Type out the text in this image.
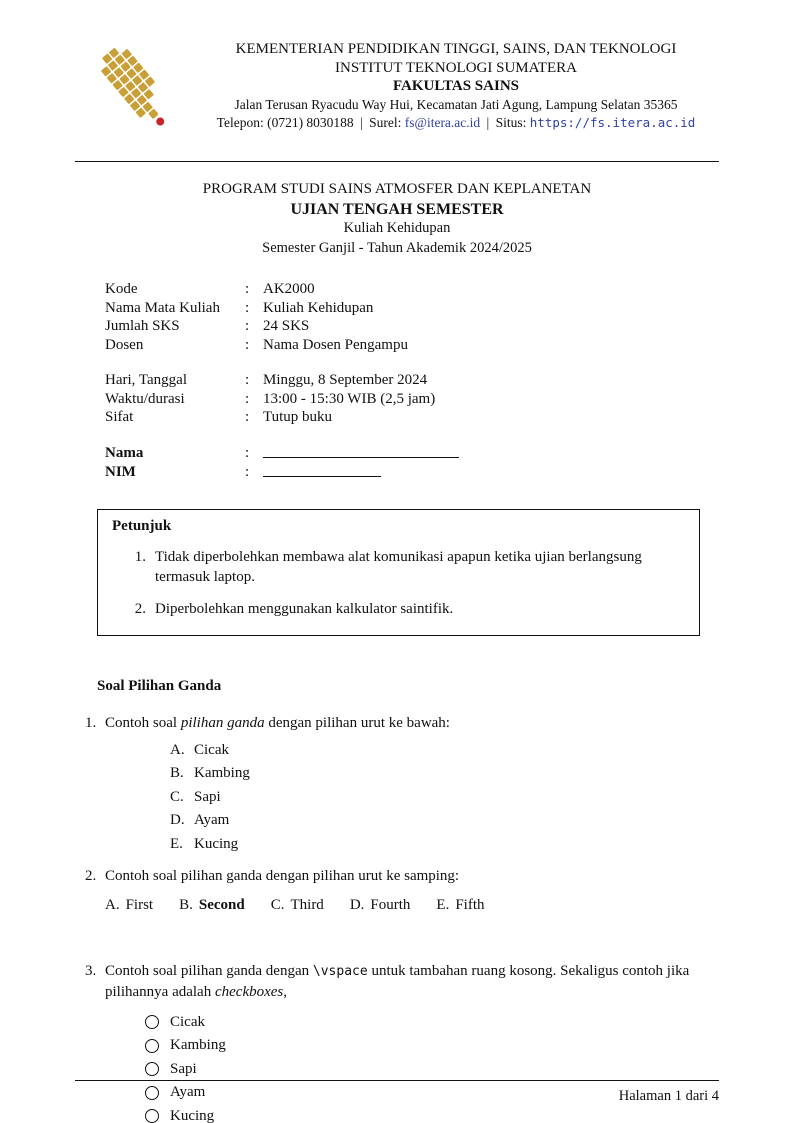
KEMENTERIAN PENDIDIKAN TINGGI, SAINS, DAN TEKNOLOGI
INSTITUT TEKNOLOGI SUMATERA
FAKULTAS SAINS
Jalan Terusan Ryacudu Way Hui, Kecamatan Jati Agung, Lampung Selatan 35365
Telepon: (0721) 8030188 | Surel: fs@itera.ac.id | Situs: https://fs.itera.ac.id
PROGRAM STUDI SAINS ATMOSFER DAN KEPLANETAN
UJIAN TENGAH SEMESTER
Kuliah Kehidupan
Semester Ganjil - Tahun Akademik 2024/2025
Kode	: AK2000
Nama Mata Kuliah	: Kuliah Kehidupan
Jumlah SKS	: 24 SKS
Dosen	: Nama Dosen Pengampu
Hari, Tanggal	: Minggu, 8 September 2024
Waktu/durasi	: 13:00 - 15:30 WIB (2,5 jam)
Sifat	: Tutup buku
Nama	:
NIM	:
Petunjuk
1. Tidak diperbolehkan membawa alat komunikasi apapun ketika ujian berlangsung termasuk laptop.
2. Diperbolehkan menggunakan kalkulator saintifik.
Soal Pilihan Ganda
1. Contoh soal pilihan ganda dengan pilihan urut ke bawah:
A. Cicak
B. Kambing
C. Sapi
D. Ayam
E. Kucing
2. Contoh soal pilihan ganda dengan pilihan urut ke samping:
A. First B. Second C. Third D. Fourth E. Fifth
3. Contoh soal pilihan ganda dengan \vspace untuk tambahan ruang kosong. Sekaligus contoh jika pilihannya adalah checkboxes,
Cicak
Kambing
Sapi
Ayam
Kucing
Halaman 1 dari 4
